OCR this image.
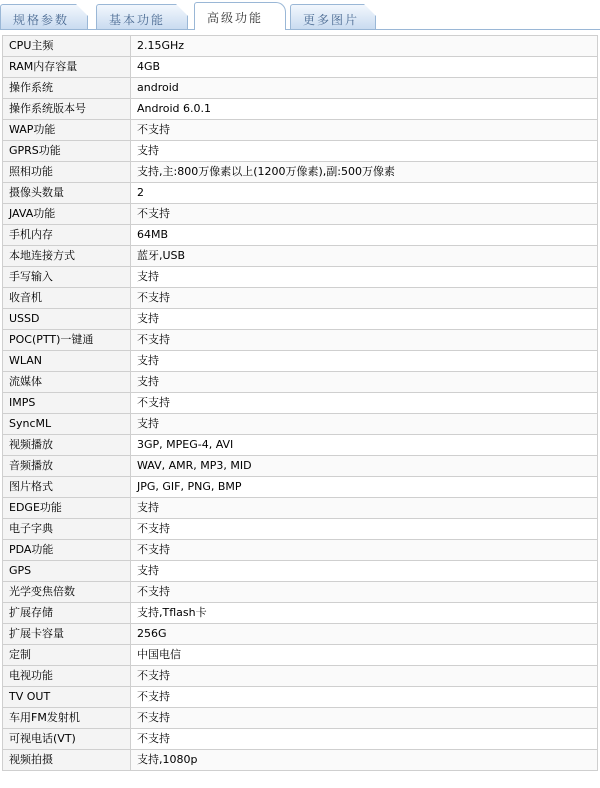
规格参数	基本功能	高级功能	更多图片
CPU主频	2.15GHz
RAM内存容量	4GB
操作系统	android
操作系统版本号	Android 6.0.1
WAP功能	不支持
GPRS功能	支持
照相功能	支持,主:800万像素以上(1200万像素),副:500万像素
摄像头数量	2
JAVA功能	不支持
手机内存	64MB
本地连接方式	蓝牙,USB
手写输入	支持
收音机	不支持
USSD	支持
POC(PTT)一键通	不支持
WLAN	支持
流媒体	支持
IMPS	不支持
SyncML	支持
视频播放	3GP, MPEG-4, AVI
音频播放	WAV, AMR, MP3, MID
图片格式	JPG, GIF, PNG, BMP
EDGE功能	支持
电子字典	不支持
PDA功能	不支持
GPS	支持
光学变焦倍数	不支持
扩展存储	支持,Tflash卡
扩展卡容量	256G
定制	中国电信
电视功能	不支持
TV OUT	不支持
车用FM发射机	不支持
可视电话(VT)	不支持
视频拍摄	支持,1080p
